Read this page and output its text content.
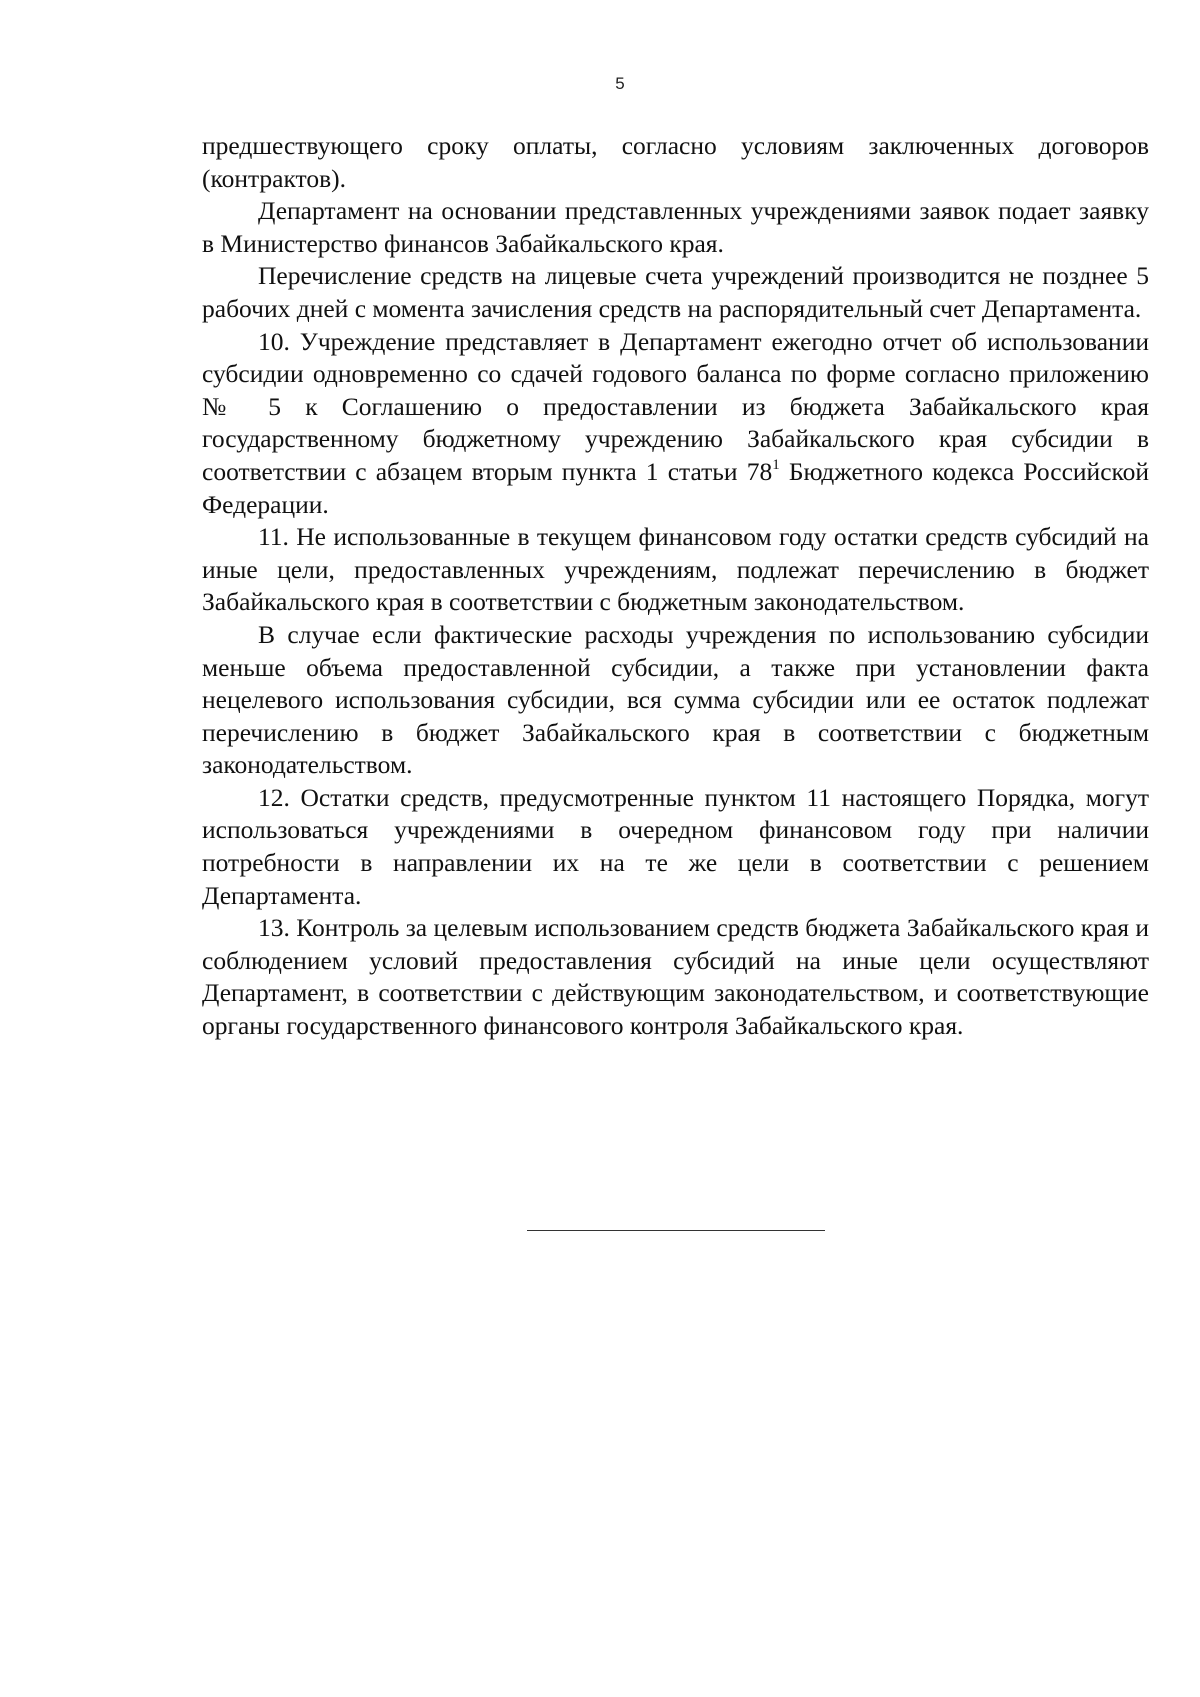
5

предшествующего сроку оплаты, согласно условиям заключенных договоров (контрактов).

Департамент на основании представленных учреждениями заявок подает заявку в Министерство финансов Забайкальского края.

Перечисление средств на лицевые счета учреждений производится не позднее 5 рабочих дней с момента зачисления средств на распорядительный счет Департамента.

10. Учреждение представляет в Департамент ежегодно отчет об использовании субсидии одновременно со сдачей годового баланса по форме согласно приложению № 5 к Соглашению о предоставлении из бюджета Забайкальского края государственному бюджетному учреждению Забайкальского края субсидии в соответствии с абзацем вторым пункта 1 статьи $78^1$ Бюджетного кодекса Российской Федерации.

11. Не использованные в текущем финансовом году остатки средств субсидий на иные цели, предоставленных учреждениям, подлежат перечислению в бюджет Забайкальского края в соответствии с бюджетным законодательством.

В случае если фактические расходы учреждения по использованию субсидии меньше объема предоставленной субсидии, а также при установлении факта нецелевого использования субсидии, вся сумма субсидии или ее остаток подлежат перечислению в бюджет Забайкальского края в соответствии с бюджетным законодательством.

12. Остатки средств, предусмотренные пунктом 11 настоящего Порядка, могут использоваться учреждениями в очередном финансовом году при наличии потребности в направлении их на те же цели в соответствии с решением Департамента.

13. Контроль за целевым использованием средств бюджета Забайкальского края и соблюдением условий предоставления субсидий на иные цели осуществляют Департамент, в соответствии с действующим законодательством, и соответствующие органы государственного финансового контроля Забайкальского края.
